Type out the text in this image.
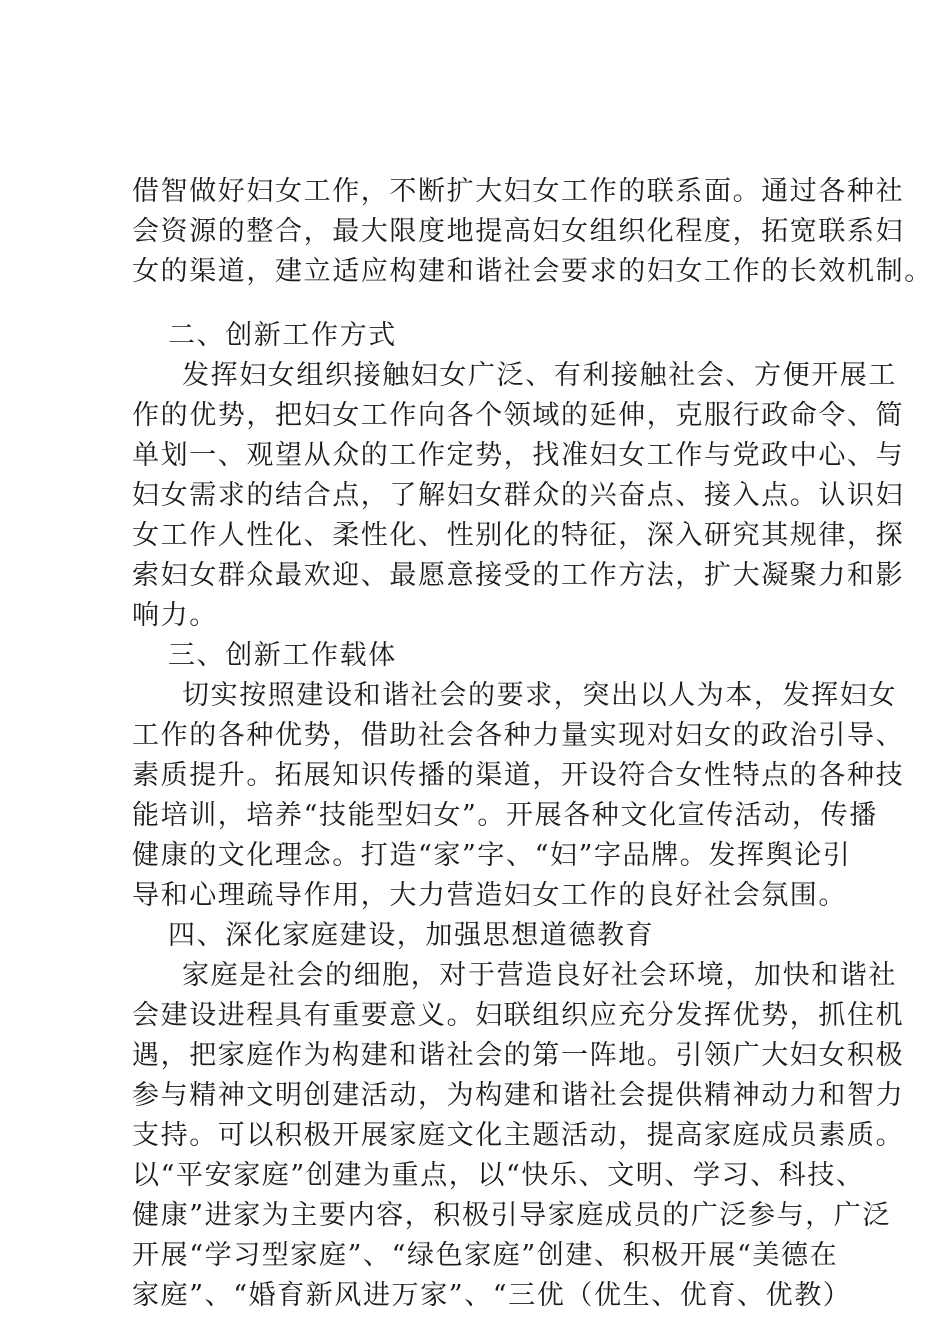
借智做好妇女工作，不断扩大妇女工作的联系面。通过各种社
会资源的整合，最大限度地提高妇女组织化程度，拓宽联系妇
女的渠道，建立适应构建和谐社会要求的妇女工作的长效机制。
二、创新工作方式
发挥妇女组织接触妇女广泛、有利接触社会、方便开展工
作的优势，把妇女工作向各个领域的延伸，克服行政命令、简
单划一、观望从众的工作定势，找准妇女工作与党政中心、与
妇女需求的结合点，了解妇女群众的兴奋点、接入点。认识妇
女工作人性化、柔性化、性别化的特征，深入研究其规律，探
索妇女群众最欢迎、最愿意接受的工作方法，扩大凝聚力和影
响力。
三、创新工作载体
切实按照建设和谐社会的要求，突出以人为本，发挥妇女
工作的各种优势，借助社会各种力量实现对妇女的政治引导、
素质提升。拓展知识传播的渠道，开设符合女性特点的各种技
能培训，培养“技能型妇女”。开展各种文化宣传活动，传播
健康的文化理念。打造“家”字、“妇”字品牌。发挥舆论引
导和心理疏导作用，大力营造妇女工作的良好社会氛围。
四、深化家庭建设，加强思想道德教育
家庭是社会的细胞，对于营造良好社会环境，加快和谐社
会建设进程具有重要意义。妇联组织应充分发挥优势，抓住机
遇，把家庭作为构建和谐社会的第一阵地。引领广大妇女积极
参与精神文明创建活动，为构建和谐社会提供精神动力和智力
支持。可以积极开展家庭文化主题活动，提高家庭成员素质。
以“平安家庭”创建为重点，以“快乐、文明、学习、科技、
健康”进家为主要内容，积极引导家庭成员的广泛参与，广泛
开展“学习型家庭”、“绿色家庭”创建、积极开展“美德在
家庭”、“婚育新风进万家”、“三优（优生、优育、优教）
